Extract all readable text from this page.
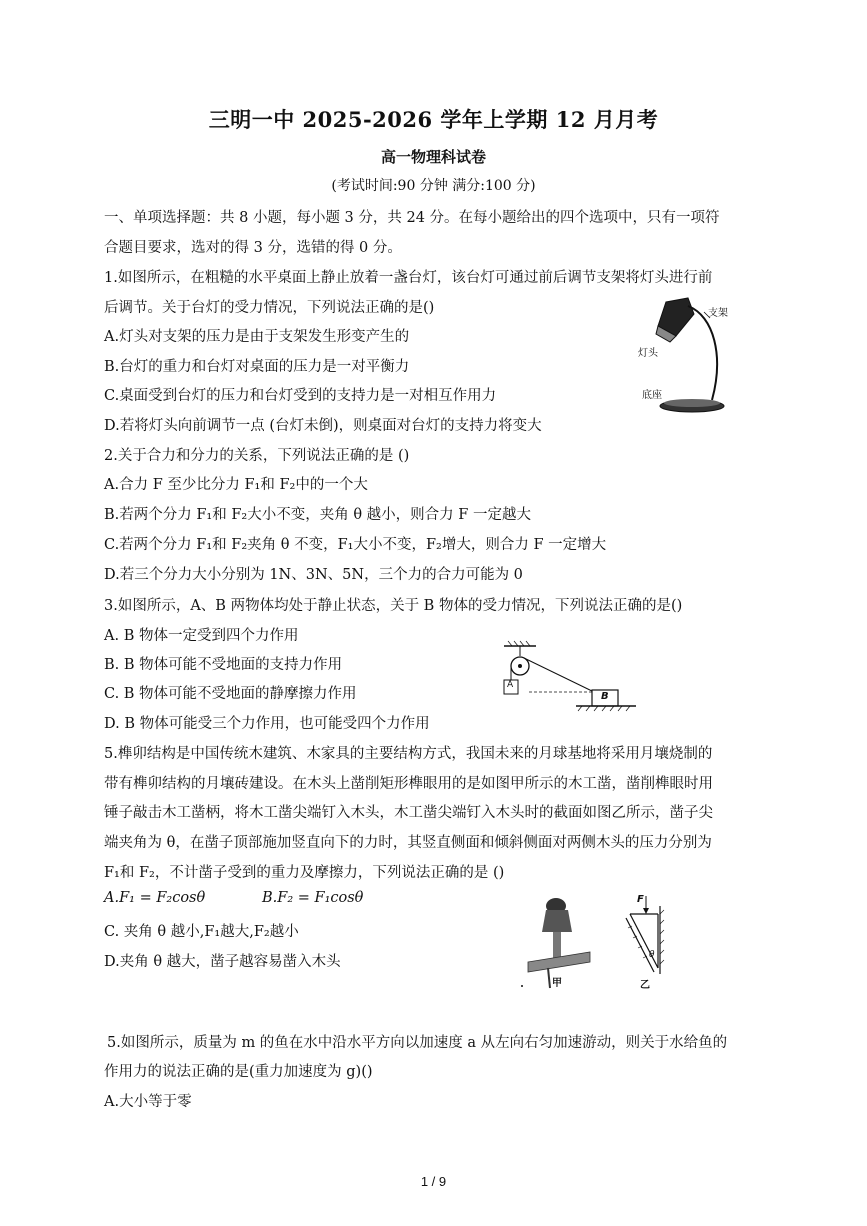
三明一中 2025-2026 学年上学期 12 月月考
高一物理科试卷
(考试时间:90 分钟 满分:100 分)
一、单项选择题：共 8 小题，每小题 3 分，共 24 分。在每小题给出的四个选项中，只有一项符
合题目要求，选对的得 3 分，选错的得 0 分。
1.如图所示，在粗糙的水平桌面上静止放着一盏台灯，该台灯可通过前后调节支架将灯头进行前
后调节。关于台灯的受力情况，下列说法正确的是()
A.灯头对支架的压力是由于支架发生形变产生的
B.台灯的重力和台灯对桌面的压力是一对平衡力
C.桌面受到台灯的压力和台灯受到的支持力是一对相互作用力
D.若将灯头向前调节一点 (台灯未倒)，则桌面对台灯的支持力将变大
支架
灯头
底座
2.关于合力和分力的关系，下列说法正确的是 ()
A.合力 F 至少比分力 F₁和 F₂中的一个大
B.若两个分力 F₁和 F₂大小不变，夹角 θ 越小，则合力 F 一定越大
C.若两个分力 F₁和 F₂夹角 θ 不变，F₁大小不变，F₂增大，则合力 F 一定增大
D.若三个分力大小分别为 1N、3N、5N，三个力的合力可能为 0
3.如图所示，A、B 两物体均处于静止状态，关于 B 物体的受力情况，下列说法正确的是()
A. B 物体一定受到四个力作用
B. B 物体可能不受地面的支持力作用
C. B 物体可能不受地面的静摩擦力作用
D. B 物体可能受三个力作用，也可能受四个力作用
A
B
5.榫卯结构是中国传统木建筑、木家具的主要结构方式，我国未来的月球基地将采用月壤烧制的
带有榫卯结构的月壤砖建设。在木头上凿削矩形榫眼用的是如图甲所示的木工凿，凿削榫眼时用
锤子敲击木工凿柄，将木工凿尖端钉入木头，木工凿尖端钉入木头时的截面如图乙所示，凿子尖
端夹角为 θ，在凿子顶部施加竖直向下的力时，其竖直侧面和倾斜侧面对两侧木头的压力分别为
F₁和 F₂，不计凿子受到的重力及摩擦力，下列说法正确的是 ()
A.F₁ = F₂cosθ	B.F₂ = F₁cosθ
C. 夹角 θ 越小,F₁越大,F₂越小
D.夹角 θ 越大，凿子越容易凿入木头
甲
F
θ
乙
5.如图所示，质量为 m 的鱼在水中沿水平方向以加速度 a 从左向右匀加速游动，则关于水给鱼的
作用力的说法正确的是(重力加速度为 g)()
A.大小等于零
1 / 9
